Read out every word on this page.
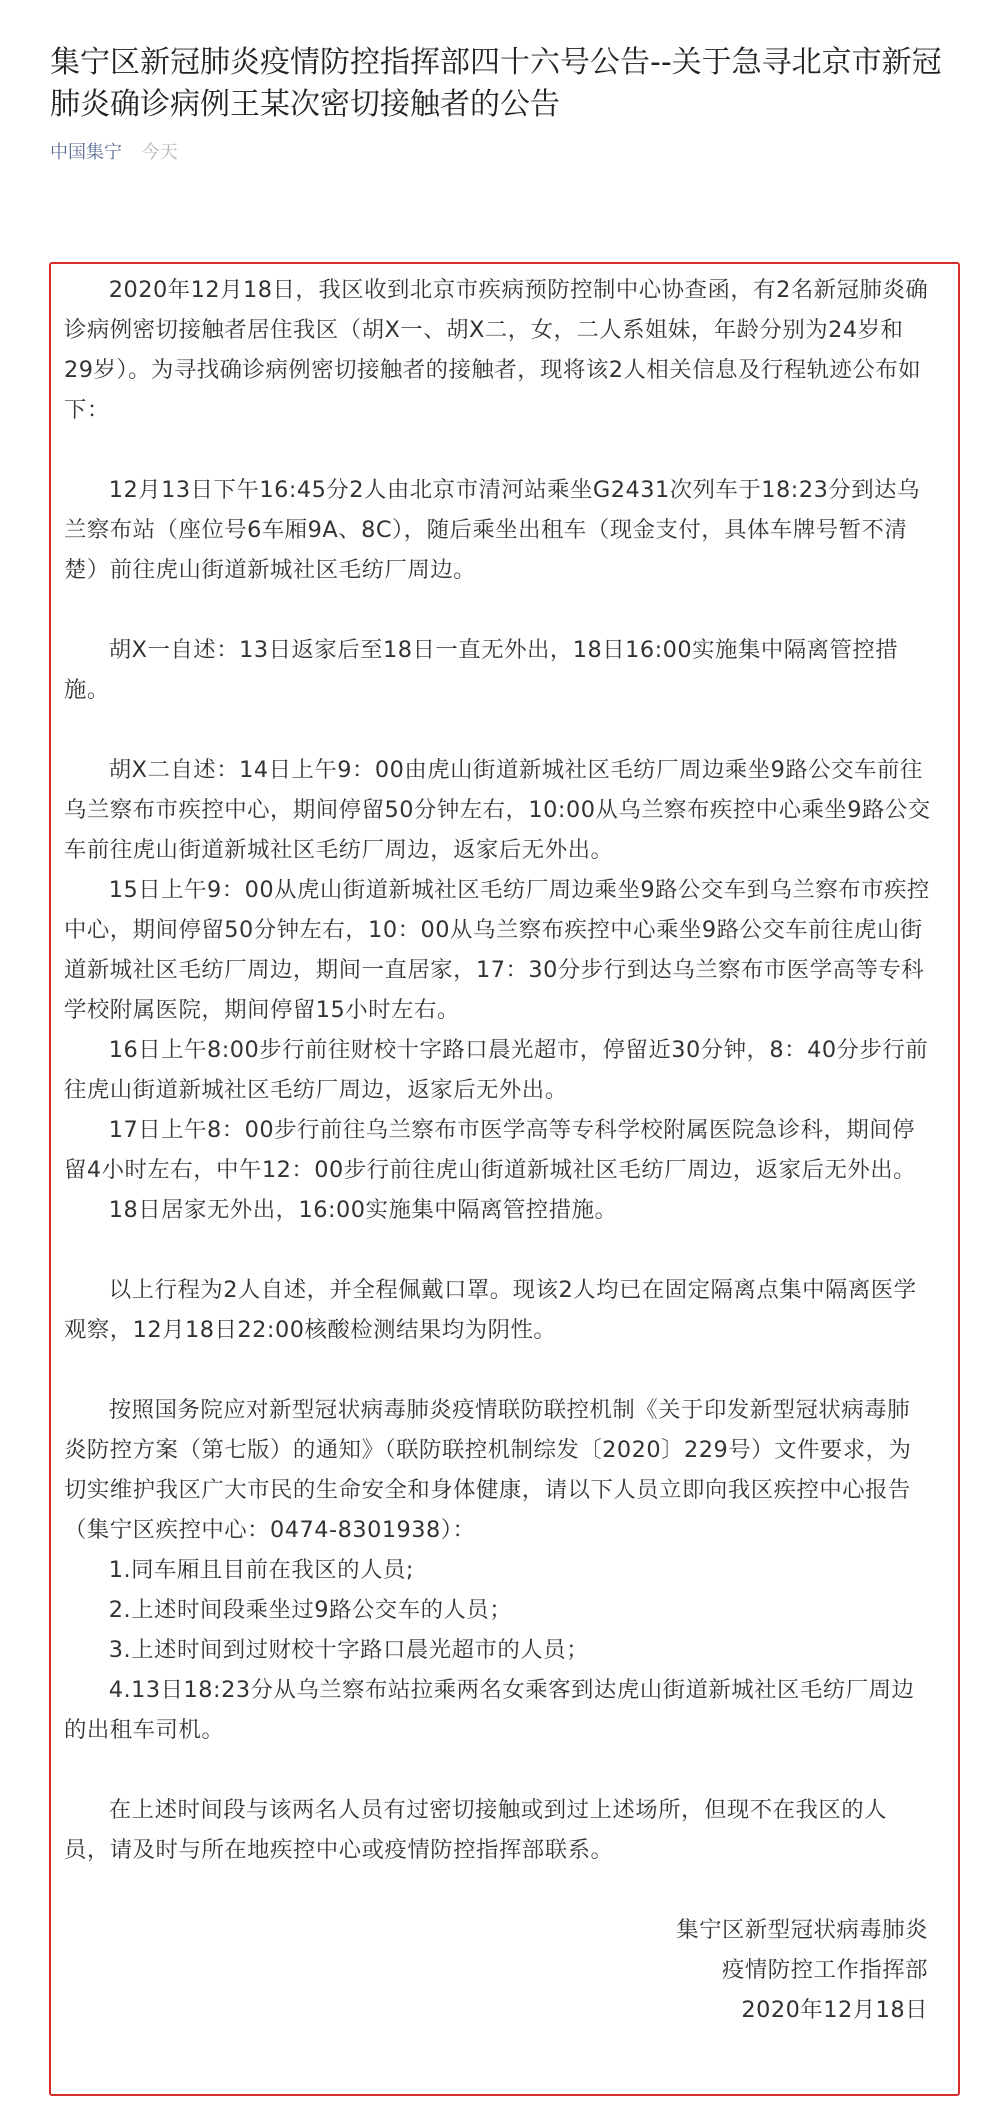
集宁区新冠肺炎疫情防控指挥部四十六号公告--关于急寻北京市新冠肺炎确诊病例王某次密切接触者的公告
中国集宁 今天

2020年12月18日，我区收到北京市疾病预防控制中心协查函，有2名新冠肺炎确诊病例密切接触者居住我区（胡X一、胡X二，女，二人系姐妹，年龄分别为24岁和29岁）。为寻找确诊病例密切接触者的接触者，现将该2人相关信息及行程轨迹公布如下：

12月13日下午16:45分2人由北京市清河站乘坐G2431次列车于18:23分到达乌兰察布站（座位号6车厢9A、8C），随后乘坐出租车（现金支付，具体车牌号暂不清楚）前往虎山街道新城社区毛纺厂周边。

胡X一自述：13日返家后至18日一直无外出，18日16:00实施集中隔离管控措施。

胡X二自述：14日上午9：00由虎山街道新城社区毛纺厂周边乘坐9路公交车前往乌兰察布市疾控中心，期间停留50分钟左右，10:00从乌兰察布疾控中心乘坐9路公交车前往虎山街道新城社区毛纺厂周边，返家后无外出。

15日上午9：00从虎山街道新城社区毛纺厂周边乘坐9路公交车到乌兰察布市疾控中心，期间停留50分钟左右，10：00从乌兰察布疾控中心乘坐9路公交车前往虎山街道新城社区毛纺厂周边，期间一直居家，17：30分步行到达乌兰察布市医学高等专科学校附属医院，期间停留15小时左右。

16日上午8:00步行前往财校十字路口晨光超市，停留近30分钟，8：40分步行前往虎山街道新城社区毛纺厂周边，返家后无外出。

17日上午8：00步行前往乌兰察布市医学高等专科学校附属医院急诊科，期间停留4小时左右，中午12：00步行前往虎山街道新城社区毛纺厂周边，返家后无外出。

18日居家无外出，16:00实施集中隔离管控措施。

以上行程为2人自述，并全程佩戴口罩。现该2人均已在固定隔离点集中隔离医学观察，12月18日22:00核酸检测结果均为阴性。

按照国务院应对新型冠状病毒肺炎疫情联防联控机制《关于印发新型冠状病毒肺炎防控方案（第七版）的通知》（联防联控机制综发〔2020〕229号）文件要求，为切实维护我区广大市民的生命安全和身体健康，请以下人员立即向我区疾控中心报告（集宁区疾控中心：0474-8301938）：

1.同车厢且目前在我区的人员;

2.上述时间段乘坐过9路公交车的人员；

3.上述时间到过财校十字路口晨光超市的人员；

4.13日18:23分从乌兰察布站拉乘两名女乘客到达虎山街道新城社区毛纺厂周边的出租车司机。

在上述时间段与该两名人员有过密切接触或到过上述场所，但现不在我区的人员，请及时与所在地疾控中心或疫情防控指挥部联系。

集宁区新型冠状病毒肺炎

疫情防控工作指挥部

2020年12月18日
